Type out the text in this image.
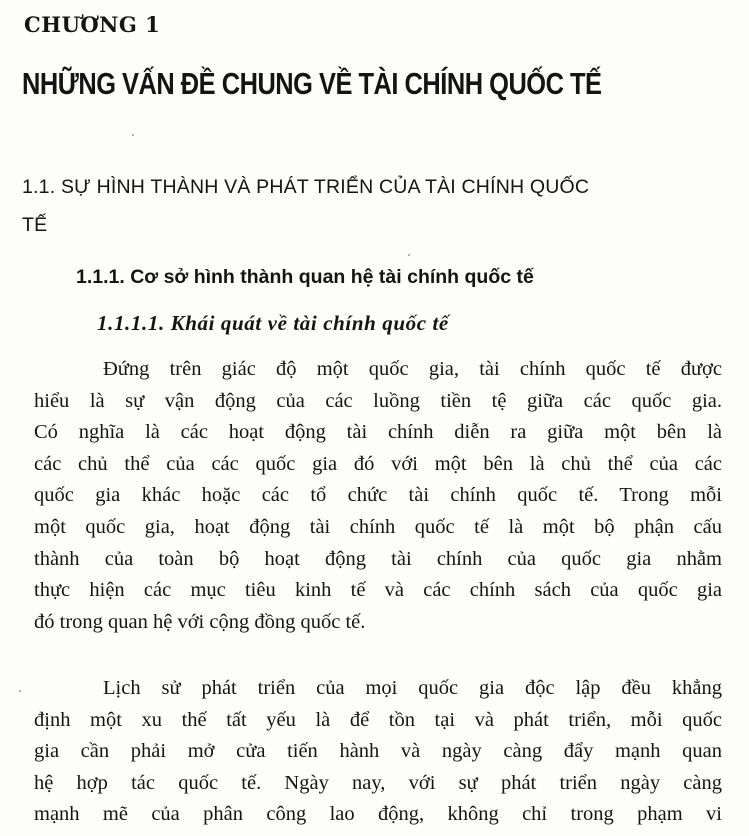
CHƯƠNG 1
NHỮNG VẤN ĐỀ CHUNG VỀ TÀI CHÍNH QUỐC TẾ
1.1. SỰ HÌNH THÀNH VÀ PHÁT TRIỂN CỦA TÀI CHÍNH QUỐC
TẾ
1.1.1. Cơ sở hình thành quan hệ tài chính quốc tế
1.1.1.1. Khái quát về tài chính quốc tế
Đứng trên giác độ một quốc gia, tài chính quốc tế được
hiểu là sự vận động của các luồng tiền tệ giữa các quốc gia.
Có nghĩa là các hoạt động tài chính diễn ra giữa một bên là
các chủ thể của các quốc gia đó với một bên là chủ thể của các
quốc gia khác hoặc các tổ chức tài chính quốc tế. Trong mỗi
một quốc gia, hoạt động tài chính quốc tế là một bộ phận cấu
thành của toàn bộ hoạt động tài chính của quốc gia nhằm
thực hiện các mục tiêu kinh tế và các chính sách của quốc gia
đó trong quan hệ với cộng đồng quốc tế.
Lịch sử phát triển của mọi quốc gia độc lập đều khẳng
định một xu thế tất yếu là để tồn tại và phát triển, mỗi quốc
gia cần phải mở cửa tiến hành và ngày càng đẩy mạnh quan
hệ hợp tác quốc tế. Ngày nay, với sự phát triển ngày càng
mạnh mẽ của phân công lao động, không chỉ trong phạm vi
